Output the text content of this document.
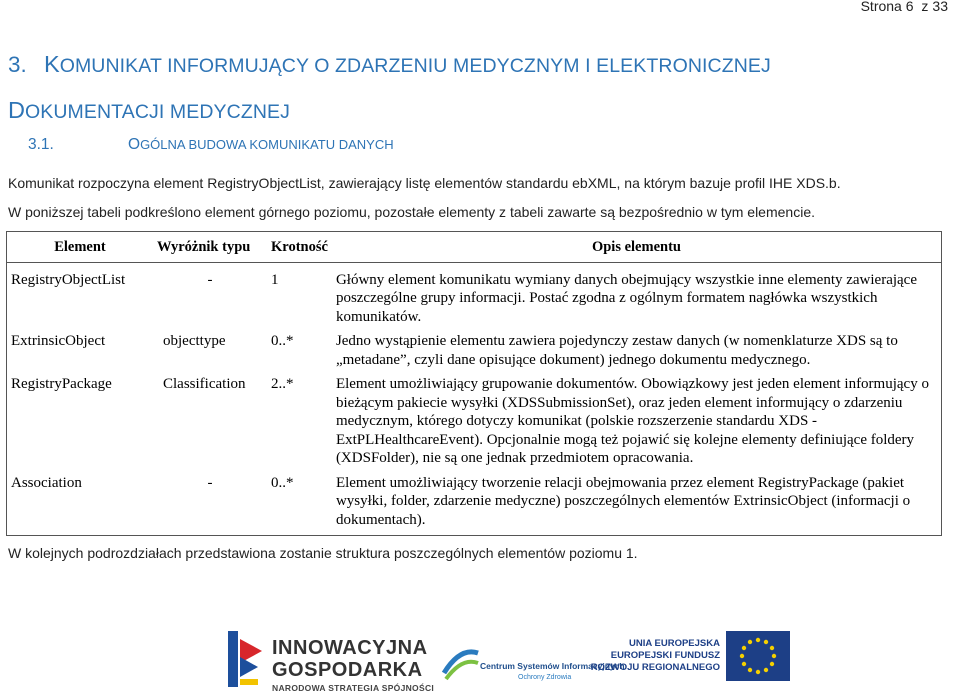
Strona 6 z 33
3. KOMUNIKAT INFORMUJĄCY O ZDARZENIU MEDYCZNYM I ELEKTRONICZNEJ
DOKUMENTACJI MEDYCZNEJ
3.1.	OGÓLNA BUDOWA KOMUNIKATU DANYCH
Komunikat rozpoczyna element RegistryObjectList, zawierający listę elementów standardu ebXML, na którym bazuje profil IHE XDS.b.
W poniższej tabeli podkreślono element górnego poziomu, pozostałe elementy z tabeli zawarte są bezpośrednio w tym elemencie.
Element	Wyróżnik typu	Krotność	Opis elementu
RegistryObjectList	-	1	Główny element komunikatu wymiany danych obejmujący wszystkie inne elementy zawierające poszczególne grupy informacji. Postać zgodna z ogólnym formatem nagłówka wszystkich komunikatów.
ExtrinsicObject	objecttype	0..*	Jedno wystąpienie elementu zawiera pojedynczy zestaw danych (w nomenklaturze XDS są to „metadane”, czyli dane opisujące dokument) jednego dokumentu medycznego.
RegistryPackage	Classification	2..*	Element umożliwiający grupowanie dokumentów. Obowiązkowy jest jeden element informujący o bieżącym pakiecie wysyłki (XDSSubmissionSet), oraz jeden element informujący o zdarzeniu medycznym, którego dotyczy komunikat (polskie rozszerzenie standardu XDS - ExtPLHealthcareEvent). Opcjonalnie mogą też pojawić się kolejne elementy definiujące foldery (XDSFolder), nie są one jednak przedmiotem opracowania.
Association	-	0..*	Element umożliwiający tworzenie relacji obejmowania przez element RegistryPackage (pakiet wysyłki, folder, zdarzenie medyczne) poszczególnych elementów ExtrinsicObject (informacji o dokumentach).
W kolejnych podrozdziałach przedstawiona zostanie struktura poszczególnych elementów poziomu 1.
INNOWACYJNA
GOSPODARKA
NARODOWA STRATEGIA SPÓJNOŚCI
Centrum Systemów Informacyjnych
Ochrony Zdrowia
UNIA EUROPEJSKA
EUROPEJSKI FUNDUSZ
ROZWOJU REGIONALNEGO
